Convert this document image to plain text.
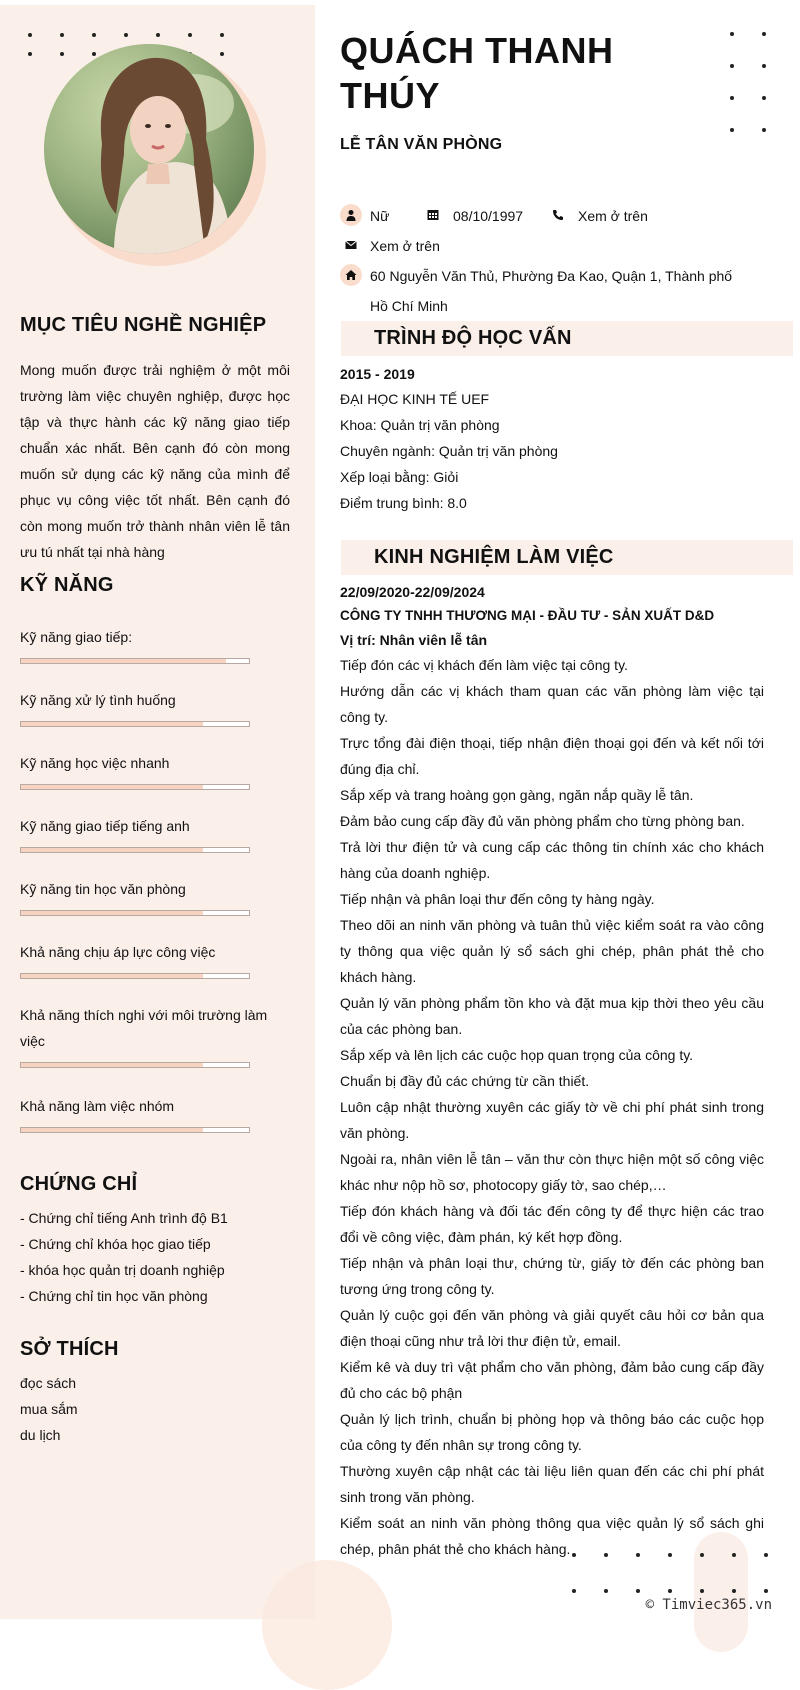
MỤC TIÊU NGHỀ NGHIỆP

Mong muốn được trải nghiệm ở một môi trường làm việc chuyên nghiệp, được học tập và thực hành các kỹ năng giao tiếp chuẩn xác nhất. Bên cạnh đó còn mong muốn sử dụng các kỹ năng của mình để phục vụ công việc tốt nhất. Bên cạnh đó còn mong muốn trở thành nhân viên lễ tân ưu tú nhất tại nhà hàng

KỸ NĂNG
Kỹ năng giao tiếp:
Kỹ năng xử lý tình huống
Kỹ năng học việc nhanh
Kỹ năng giao tiếp tiếng anh
Kỹ năng tin học văn phòng
Khả năng chịu áp lực công việc
Khả năng thích nghi với môi trường làm việc
Khả năng làm việc nhóm
CHỨNG CHỈ
- Chứng chỉ tiếng Anh trình độ B1
- Chứng chỉ khóa học giao tiếp
- khóa học quản trị doanh nghiệp
- Chứng chỉ tin học văn phòng
SỞ THÍCH
đọc sách
mua sắm
du lịch
QUÁCH THANH THÚY
LỄ TÂN VĂN PHÒNG
Nữ	08/10/1997	Xem ở trên
Xem ở trên
60 Nguyễn Văn Thủ, Phường Đa Kao, Quận 1, Thành phố
Hồ Chí Minh
TRÌNH ĐỘ HỌC VẤN
2015 - 2019
ĐẠI HỌC KINH TẾ UEF
Khoa: Quản trị văn phòng
Chuyên ngành: Quản trị văn phòng
Xếp loại bằng: Giỏi
Điểm trung bình: 8.0
KINH NGHIỆM LÀM VIỆC
22/09/2020-22/09/2024
CÔNG TY TNHH THƯƠNG MẠI - ĐẦU TƯ - SẢN XUẤT D&D
Vị trí: Nhân viên lễ tân

Tiếp đón các vị khách đến làm việc tại công ty.

Hướng dẫn các vị khách tham quan các văn phòng làm việc tại công ty.

Trực tổng đài điện thoại, tiếp nhận điện thoại gọi đến và kết nối tới đúng địa chỉ.

Sắp xếp và trang hoàng gọn gàng, ngăn nắp quầy lễ tân.

Đảm bảo cung cấp đầy đủ văn phòng phẩm cho từng phòng ban.

Trả lời thư điện tử và cung cấp các thông tin chính xác cho khách hàng của doanh nghiệp.

Tiếp nhận và phân loại thư đến công ty hàng ngày.

Theo dõi an ninh văn phòng và tuân thủ việc kiểm soát ra vào công ty thông qua việc quản lý sổ sách ghi chép, phân phát thẻ cho khách hàng.

Quản lý văn phòng phẩm tồn kho và đặt mua kịp thời theo yêu cầu của các phòng ban.

Sắp xếp và lên lịch các cuộc họp quan trọng của công ty.

Chuẩn bị đầy đủ các chứng từ cần thiết.

Luôn cập nhật thường xuyên các giấy tờ về chi phí phát sinh trong văn phòng.

Ngoài ra, nhân viên lễ tân – văn thư còn thực hiện một số công việc khác như nộp hồ sơ, photocopy giấy tờ, sao chép,…

Tiếp đón khách hàng và đối tác đến công ty để thực hiện các trao đổi về công việc, đàm phán, ký kết hợp đồng.

Tiếp nhận và phân loại thư, chứng từ, giấy tờ đến các phòng ban tương ứng trong công ty.

Quản lý cuộc gọi đến văn phòng và giải quyết câu hỏi cơ bản qua điện thoại cũng như trả lời thư điện tử, email.

Kiểm kê và duy trì vật phẩm cho văn phòng, đảm bảo cung cấp đầy đủ cho các bộ phận

Quản lý lịch trình, chuẩn bị phòng họp và thông báo các cuộc họp của công ty đến nhân sự trong công ty.

Thường xuyên cập nhật các tài liệu liên quan đến các chi phí phát sinh trong văn phòng.

Kiểm soát an ninh văn phòng thông qua việc quản lý sổ sách ghi chép, phân phát thẻ cho khách hàng.

© Timviec365.vn
